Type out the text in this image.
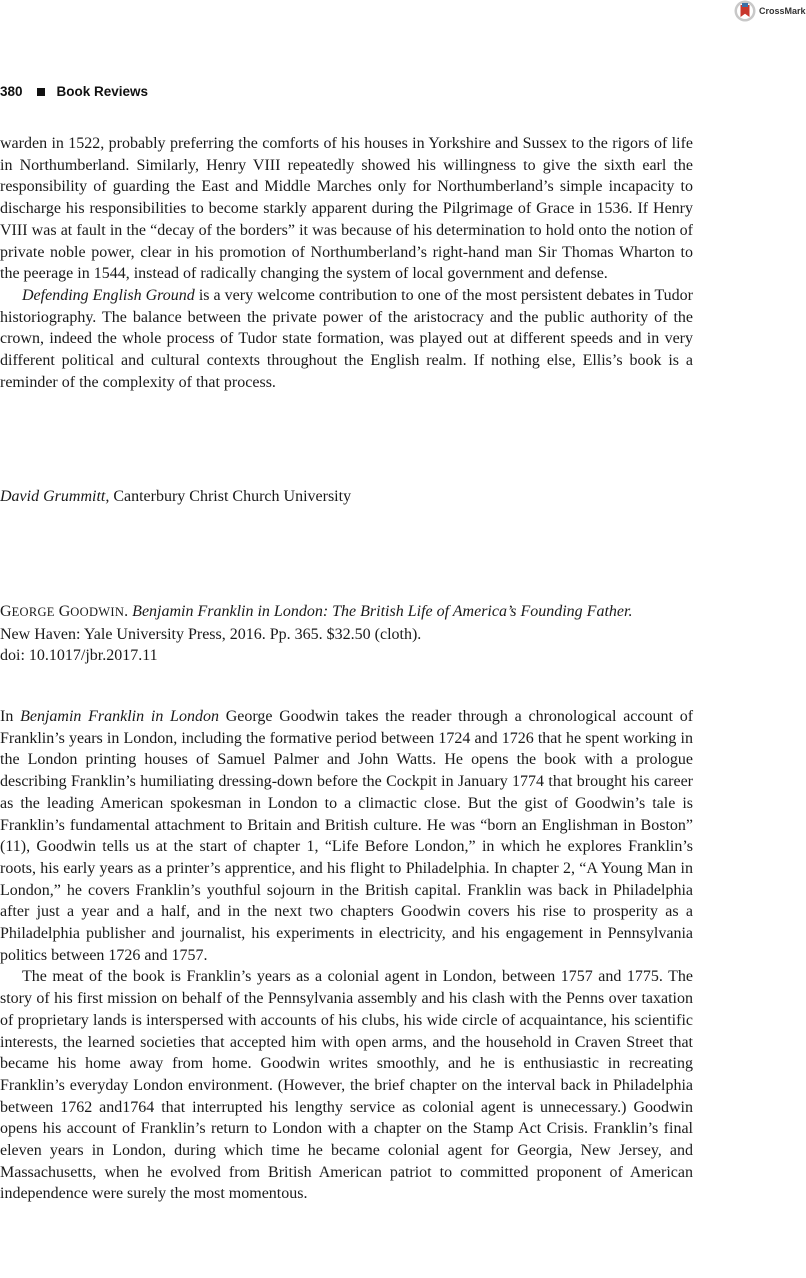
CrossMark
380	Book Reviews

warden in 1522, probably preferring the comforts of his houses in Yorkshire and Sussex to the rigors of life in Northumberland. Similarly, Henry VIII repeatedly showed his willingness to give the sixth earl the responsibility of guarding the East and Middle Marches only for Northumberland’s simple incapacity to discharge his responsibilities to become starkly apparent during the Pilgrimage of Grace in 1536. If Henry VIII was at fault in the “decay of the borders” it was because of his determination to hold onto the notion of private noble power, clear in his promotion of Northumberland’s right-hand man Sir Thomas Wharton to the peerage in 1544, instead of radically changing the system of local government and defense.

Defending English Ground is a very welcome contribution to one of the most persistent debates in Tudor historiography. The balance between the private power of the aristocracy and the public authority of the crown, indeed the whole process of Tudor state formation, was played out at different speeds and in very different political and cultural contexts throughout the English realm. If nothing else, Ellis’s book is a reminder of the complexity of that process.

David Grummitt, Canterbury Christ Church University
GEORGE GOODWIN. Benjamin Franklin in London: The British Life of America’s Founding Father.
New Haven: Yale University Press, 2016. Pp. 365. $32.50 (cloth).
doi: 10.1017/jbr.2017.11

In Benjamin Franklin in London George Goodwin takes the reader through a chronological account of Franklin’s years in London, including the formative period between 1724 and 1726 that he spent working in the London printing houses of Samuel Palmer and John Watts. He opens the book with a prologue describing Franklin’s humiliating dressing-down before the Cockpit in January 1774 that brought his career as the leading American spokesman in London to a climactic close. But the gist of Goodwin’s tale is Franklin’s fundamental attachment to Britain and British culture. He was “born an Englishman in Boston” (11), Goodwin tells us at the start of chapter 1, “Life Before London,” in which he explores Franklin’s roots, his early years as a printer’s apprentice, and his flight to Philadelphia. In chapter 2, “A Young Man in London,” he covers Franklin’s youthful sojourn in the British capital. Franklin was back in Philadelphia after just a year and a half, and in the next two chapters Goodwin covers his rise to prosperity as a Philadelphia publisher and journalist, his experiments in electricity, and his engagement in Pennsylvania politics between 1726 and 1757.

The meat of the book is Franklin’s years as a colonial agent in London, between 1757 and 1775. The story of his first mission on behalf of the Pennsylvania assembly and his clash with the Penns over taxation of proprietary lands is interspersed with accounts of his clubs, his wide circle of acquaintance, his scientific interests, the learned societies that accepted him with open arms, and the household in Craven Street that became his home away from home. Goodwin writes smoothly, and he is enthusiastic in recreating Franklin’s everyday London environment. (However, the brief chapter on the interval back in Philadelphia between 1762 and1764 that interrupted his lengthy service as colonial agent is unnecessary.) Goodwin opens his account of Franklin’s return to London with a chapter on the Stamp Act Crisis. Franklin’s final eleven years in London, during which time he became colonial agent for Georgia, New Jersey, and Massachusetts, when he evolved from British American patriot to committed proponent of American independence were surely the most momentous.
